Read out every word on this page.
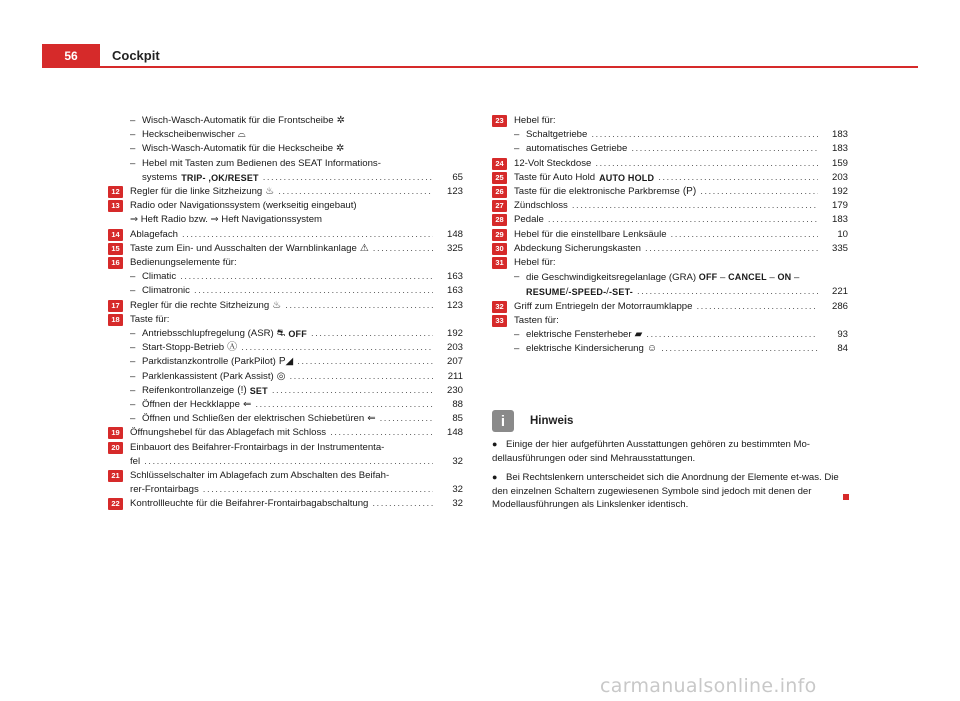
56	Cockpit
– Wisch-Wasch-Automatik für die Frontscheibe ✲
– Heckscheibenwischer ⌓
– Wisch-Wasch-Automatik für die Heckscheibe ✲
– Hebel mit Tasten zum Bedienen des SEAT Informations-
systems TRIP - , OK/RESET .....	65
12	Regler für die linke Sitzheizung ♨ .....	123
13	Radio oder Navigationssystem (werkseitig eingebaut)
⇒ Heft Radio bzw. ⇒ Heft Navigationssystem
14	Ablagefach .....	148
15	Taste zum Ein- und Ausschalten der Warnblinkanlage ⚠ .....	325
16	Bedienungselemente für:
– Climatic .....	163
– Climatronic .....	163
17	Regler für die rechte Sitzheizung ♨ .....	123
18	Taste für:
– Antriebsschlupfregelung (ASR) ⛐ OFF .....	192
– Start-Stopp-Betrieb Ⓐ .....	203
– Parkdistanzkontrolle (ParkPilot) P◢ .....	207
– Parklenkassistent (Park Assist) ◎ .....	211
– Reifenkontrollanzeige (!) SET .....	230
– Öffnen der Heckklappe ⇐ .....	88
– Öffnen und Schließen der elektrischen Schiebetüren ⇐ .....	85
19	Öffnungshebel für das Ablagefach mit Schloss .....	148
20	Einbauort des Beifahrer-Frontairbags in der Instrumententa-
fel .....	32
21	Schlüsselschalter im Ablagefach zum Abschalten des Beifah-
rer-Frontairbags .....	32
22	Kontrollleuchte für die Beifahrer-Frontairbagabschaltung .....	32
23	Hebel für:
– Schaltgetriebe .....	183
– automatisches Getriebe .....	183
24	12-Volt Steckdose .....	159
25	Taste für Auto Hold AUTO HOLD .....	203
26	Taste für die elektronische Parkbremse (P) .....	192
27	Zündschloss .....	179
28	Pedale .....	183
29	Hebel für die einstellbare Lenksäule .....	10
30	Abdeckung Sicherungskasten .....	335
31	Hebel für:
– die Geschwindigkeitsregelanlage (GRA) OFF – CANCEL – ON –
RESUME / -SPEED- / -SET- .....	221
32	Griff zum Entriegeln der Motorraumklappe .....	286
33	Tasten für:
– elektrische Fensterheber ▰ .....	93
– elektrische Kindersicherung ☺ .....	84
i	Hinweis
● Einige der hier aufgeführten Ausstattungen gehören zu bestimmten Mo-dellausführungen oder sind Mehrausstattungen.
● Bei Rechtslenkern unterscheidet sich die Anordnung der Elemente et-was. Die den einzelnen Schaltern zugewiesenen Symbole sind jedoch mit denen der Modellausführungen als Linkslenker identisch.
carmanualsonline.info
